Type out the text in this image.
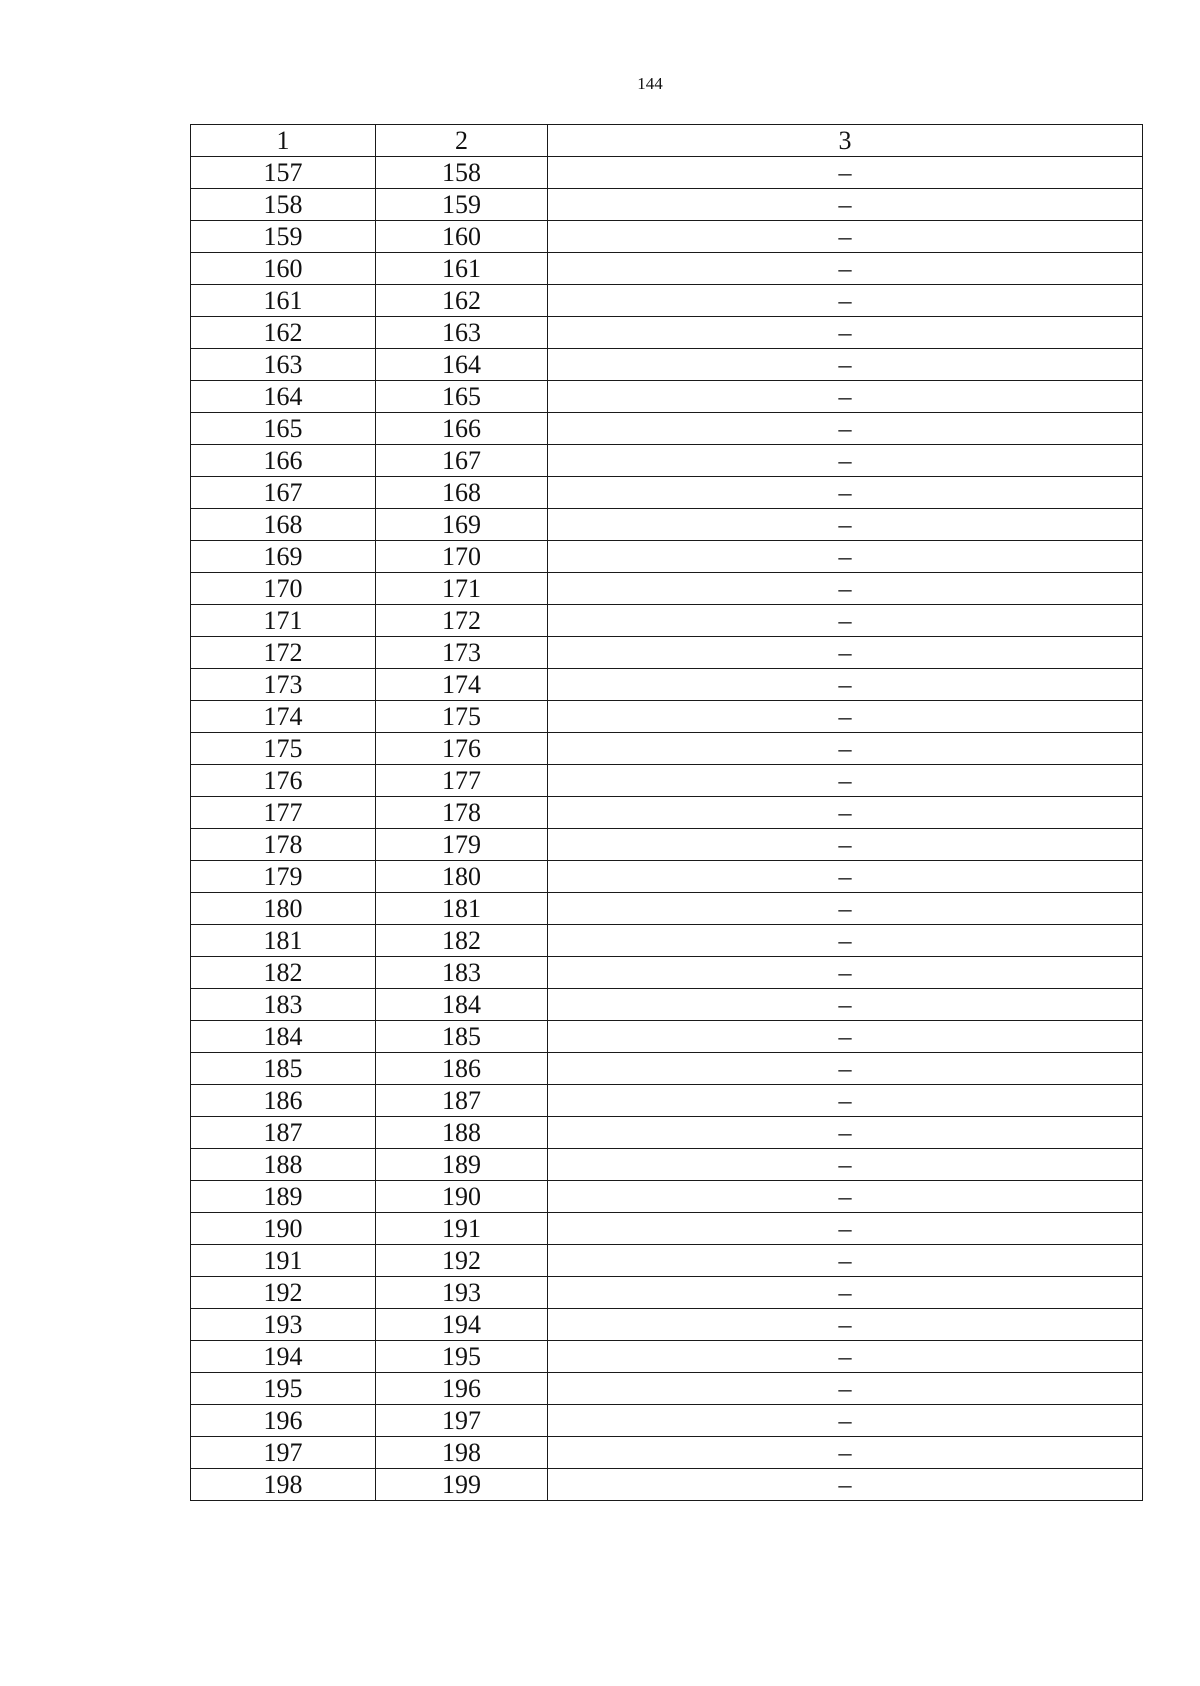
144
1	2	3
157	158	–
158	159	–
159	160	–
160	161	–
161	162	–
162	163	–
163	164	–
164	165	–
165	166	–
166	167	–
167	168	–
168	169	–
169	170	–
170	171	–
171	172	–
172	173	–
173	174	–
174	175	–
175	176	–
176	177	–
177	178	–
178	179	–
179	180	–
180	181	–
181	182	–
182	183	–
183	184	–
184	185	–
185	186	–
186	187	–
187	188	–
188	189	–
189	190	–
190	191	–
191	192	–
192	193	–
193	194	–
194	195	–
195	196	–
196	197	–
197	198	–
198	199	–
